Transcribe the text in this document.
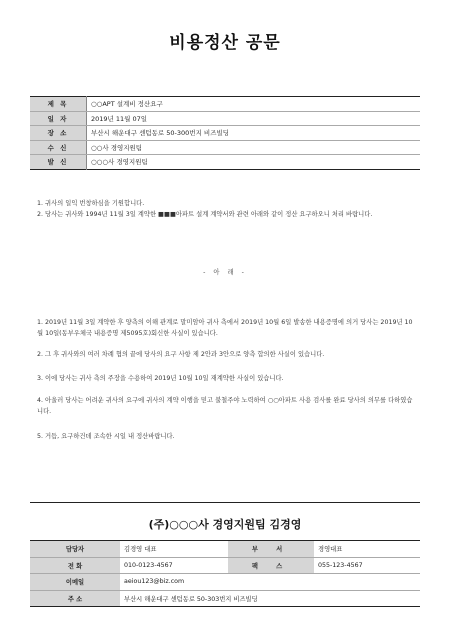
비용정산 공문
제 목	○○APT 설계비 정산요구
일 자	2019년 11월 07일
장 소	부산시 해운대구 센텀동로 50-300번지 비즈빌딩
수 신	○○사 경영지원팀
발 신	○○○사 경영지원팀
1. 귀사의 일익 번창하심을 기원합니다.
2. 당사는 귀사와 1994년 11월 3일 계약한 ■■■아파트 설계 계약서와 관련 아래와 같이 정산 요구하오니 처리 바랍니다.
- 아 래 -
1. 2019년 11월 3일 계약한 후 양측의 이해 관계로 말미암아 귀사 측에서 2019년 10월 6일 발송한 내용증명에 의거 당사는 2019년 10월 10일(동부우체국 내용증명 제5095호)회신한 사실이 있습니다.
2. 그 후 귀사와의 여러 차례 협의 끝에 당사의 요구 사항 제 2안과 3안으로 양측 합의한 사실이 있습니다.
3. 이에 당사는 귀사 측의 주장을 수용하여 2019년 10월 10일 재계약한 사실이 있습니다.
4. 아울러 당사는 어려운 귀사의 요구에 귀사의 계약 이행을 믿고 불철주야 노력하여 ○○아파트 사용 검사를 완료 당사의 의무를 다하였습니다.
5. 거듭, 요구하건데 조속한 시일 내 정산바랍니다.
(주)○○○사 경영지원팀 김경영
담당자	김경영 대표	부 서	경영대표
전 화	010-0123-4567	팩 스	055-123-4567
이메일	aeiou123@biz.com		
주 소	부산시 해운대구 센텀동로 50-303번지 비즈빌딩		
